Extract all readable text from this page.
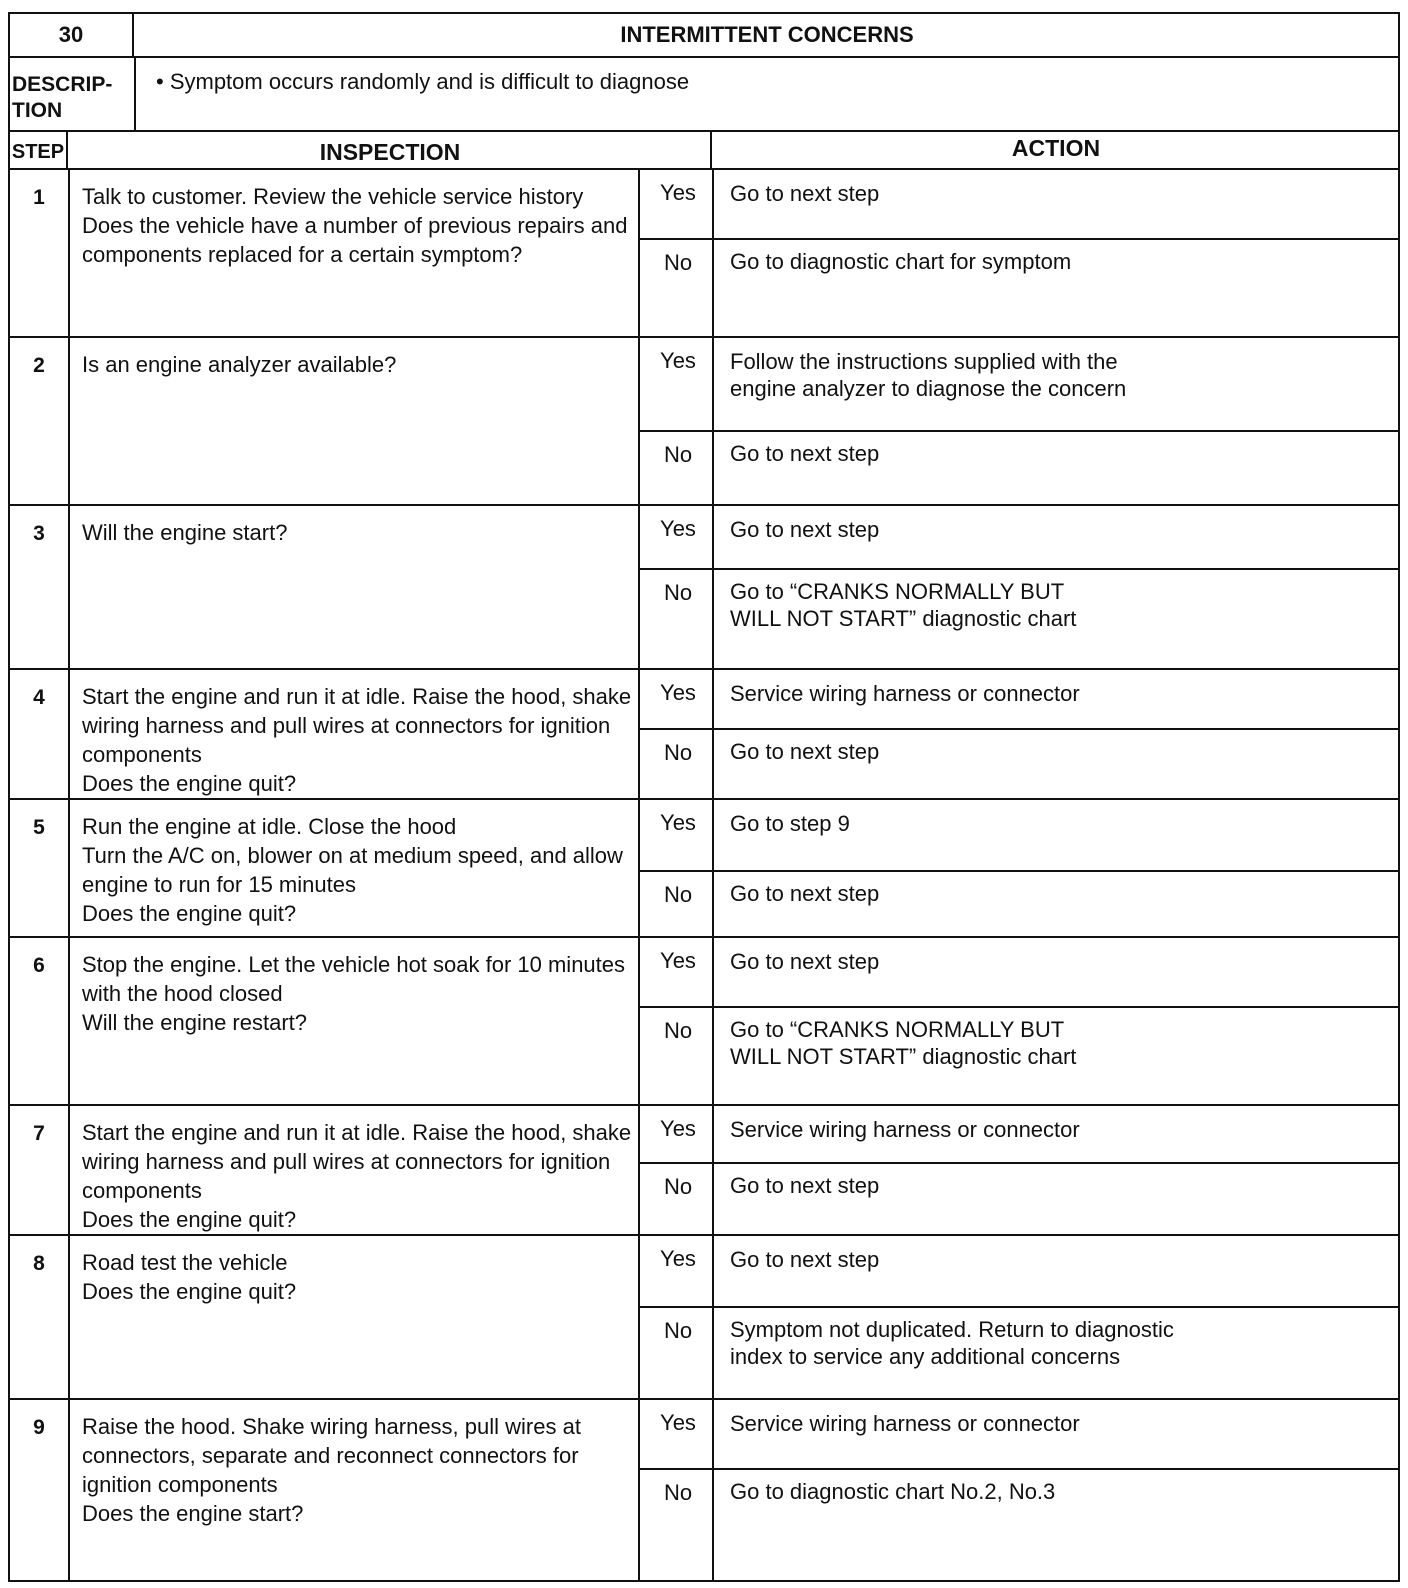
30	INTERMITTENT CONCERNS
DESCRIP-
TION
• Symptom occurs randomly and is difficult to diagnose
STEP	INSPECTION	ACTION
1	Talk to customer. Review the vehicle service history
Does the vehicle have a number of previous repairs and components replaced for a certain symptom?
Yes	Go to next step
No	Go to diagnostic chart for symptom
2	Is an engine analyzer available?	Yes	Follow the instructions supplied with the
engine analyzer to diagnose the concern
No	Go to next step
3	Will the engine start?	Yes	Go to next step
No	Go to “CRANKS NORMALLY BUT
WILL NOT START” diagnostic chart
4	Start the engine and run it at idle. Raise the hood, shake wiring harness and pull wires at connectors for ignition components
Does the engine quit?
Yes	Service wiring harness or connector
No	Go to next step
5	Run the engine at idle. Close the hood
Turn the A/C on, blower on at medium speed, and allow engine to run for 15 minutes
Does the engine quit?
Yes	Go to step 9
No	Go to next step
6	Stop the engine. Let the vehicle hot soak for 10 minutes with the hood closed
Will the engine restart?
Yes	Go to next step
No	Go to “CRANKS NORMALLY BUT
WILL NOT START” diagnostic chart
7	Start the engine and run it at idle. Raise the hood, shake wiring harness and pull wires at connectors for ignition components
Does the engine quit?
Yes	Service wiring harness or connector
No	Go to next step
8	Road test the vehicle
Does the engine quit?
Yes	Go to next step
No	Symptom not duplicated. Return to diagnostic
index to service any additional concerns
9	Raise the hood. Shake wiring harness, pull wires at connectors, separate and reconnect connectors for ignition components
Does the engine start?
Yes	Service wiring harness or connector
No	Go to diagnostic chart No.2, No.3
